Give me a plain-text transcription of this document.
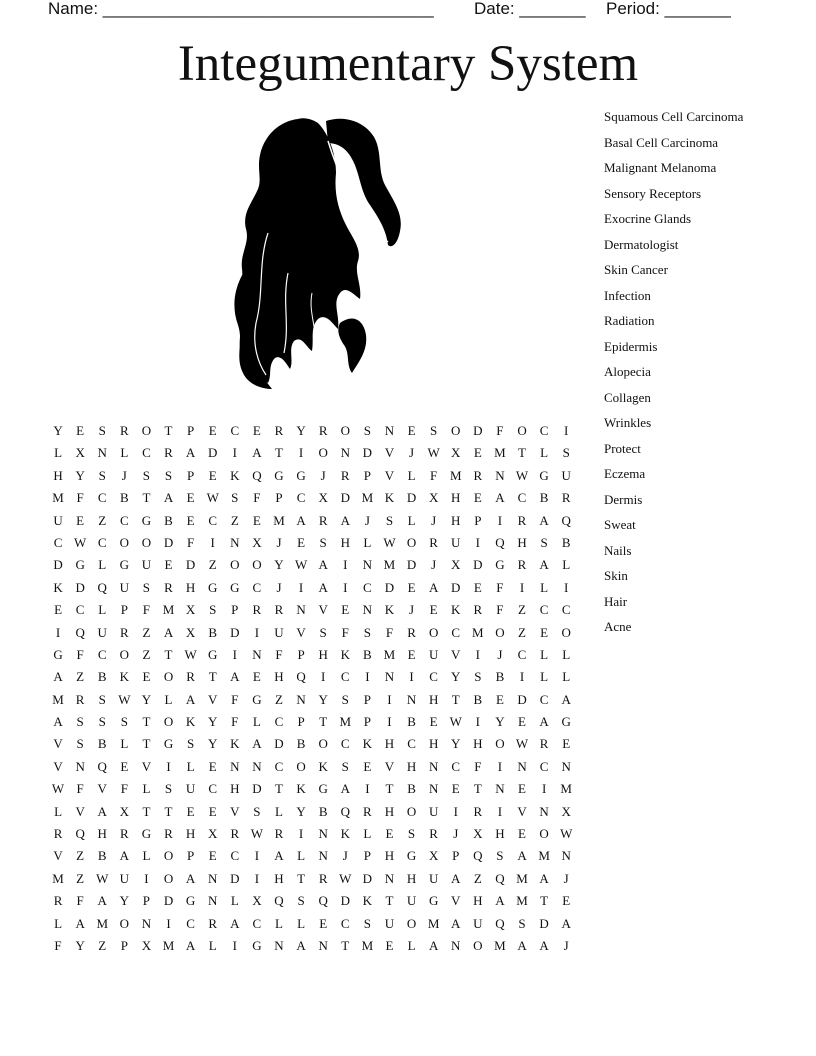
Name: ___________________________________ Date: _______ Period: _______
Integumentary System
Squamous Cell Carcinoma
Basal Cell Carcinoma
Malignant Melanoma
Sensory Receptors
Exocrine Glands
Dermatologist
Skin Cancer
Infection
Radiation
Epidermis
Alopecia
Collagen
Wrinkles
Protect
Eczema
Dermis
Sweat
Nails
Skin
Hair
Acne
Y	E	S	R	O	T	P	E	C	E	R	Y	R	O	S	N	E	S	O D	F	O	C	I
L	X N	L	C	R	A D	I	A	T	I	O N D V	J	W X	E M T	L	S
H Y	S	J	S	S	P	E	K Q G G	J	R	P	V	L	F M R	N W G U
M F	C	B	T	A	E W S	F	P	C	X D M K D X H	E	A	C	B	R
U	E	Z	C	G	B	E	C	Z	E M A	R	A	J	S	L	J	H	P	I	R	A Q
C W C	O O D	F	I	N X	J	E	S	H	L W O	R	U	I	Q H	S	B
D G	L	G U	E	D	Z	O O Y W A	I	N M D	J	X D G	R	A	L
K D Q U	S	R	H G G	C	J	I	A	I	C	D	E	A D	E	F	I	L	I
E	C	L	P	F M X	S	P	R	R	N V	E	N K	J	E	K	R	F	Z	C	C
I	Q U	R	Z	A X	B	D	I	U V	S	F	S	F	R	O	C M O	Z	E	O
G	F	C	O	Z	T W G	I	N	F	P	H K	B M E	U V	I	J	C	L	L
A	Z	B	K	E	O	R	T	A	E	H Q	I	C	I	N	I	C	Y	S	B	I	L	L
M R	S W Y	L	A V	F	G	Z	N Y	S	P	I	N H	T	B	E	D	C	A
A	S	S	S	T	O K Y	F	L	C	P	T M P	I	B	E W	I	Y	E	A G
V	S	B	L	T	G	S	Y K A D	B	O	C	K H	C	H Y H O W R	E
V N Q	E	V	I	L	E	N N	C	O K	S	E	V H N	C	F	I	N	C	N
W F	V	F	L	S	U	C	H D	T	K G A	I	T	B	N	E	T	N	E	I	M
L	V A X	T	T	E	E	V	S	L	Y	B	Q	R	H O U	I	R	I	V N X
R	Q H	R	G	R	H X	R W R	I	N K	L	E	S	R	J	X H	E	O W
V	Z	B	A	L	O	P	E	C	I	A	L	N	J	P	H G X	P	Q	S	A M N
M Z W U	I	O A N D	I	H	T	R W D N H U A	Z	Q M A	J
R	F	A Y	P	D G N	L	X Q	S	Q D K	T	U G V H A M T	E
L	A M O N	I	C	R	A	C	L	L	E	C	S	U O M A U Q	S	D A
F	Y	Z	P	X M A	L	I	G N A N	T M E	L	A N O M A A	J
